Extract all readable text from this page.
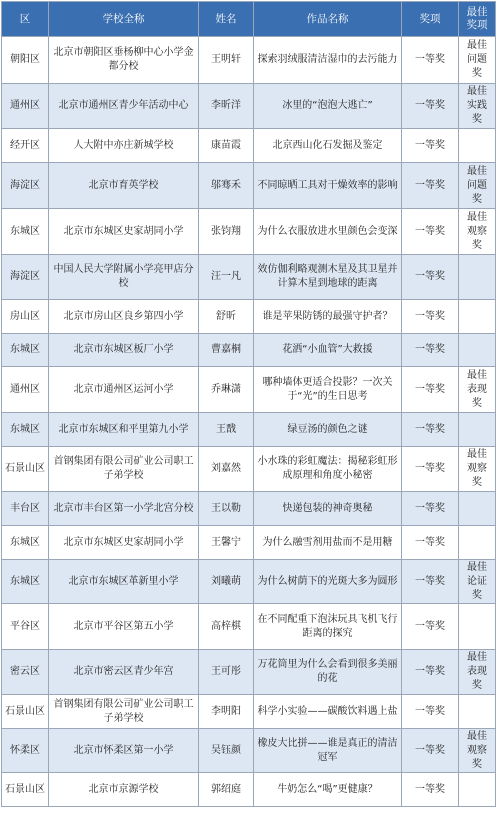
区	学校全称	姓名	作品名称	奖项	最佳奖项
朝阳区	北京市朝阳区垂杨柳中心小学金都分校	王明轩	探索羽绒服清洁湿巾的去污能力	一等奖	最佳问题奖
通州区	北京市通州区青少年活动中心	李昕洋	冰里的“泡泡大逃亡”	一等奖	最佳实践奖
经开区	人大附中亦庄新城学校	康苗霞	北京西山化石发掘及鉴定	一等奖	
海淀区	北京市育英学校	邬骞禾	不同晾晒工具对干燥效率的影响	一等奖	最佳问题奖
东城区	北京市东城区史家胡同小学	张钧翔	为什么衣服放进水里颜色会变深	一等奖	最佳观察奖
海淀区	中国人民大学附属小学亮甲店分校	汪一凡	效仿伽利略观测木星及其卫星并计算木星到地球的距离	一等奖	
房山区	北京市房山区良乡第四小学	舒昕	谁是苹果防锈的最强守护者？	一等奖	
东城区	北京市东城区板厂小学	曹嘉桐	花洒“小血管”大救援	一等奖	
通州区	北京市通州区运河小学	乔琳潇	哪种墙体更适合投影？一次关于“光”的生日思考	一等奖	最佳表现奖
东城区	北京市东城区和平里第九小学	王戬	绿豆汤的颜色之谜	一等奖	
石景山区	首钢集团有限公司矿业公司职工子弟学校	刘嘉然	小水珠的彩虹魔法：揭秘彩虹形成原理和角度小秘密	一等奖	最佳观察奖
丰台区	北京市丰台区第一小学北宫分校	王以勒	快递包装的神奇奥秘	一等奖	
东城区	北京市东城区史家胡同小学	王馨宁	为什么融雪剂用盐而不是用糖	一等奖	
东城区	北京市东城区革新里小学	刘曦萌	为什么树荫下的光斑大多为圆形	一等奖	最佳论证奖
平谷区	北京市平谷区第五小学	高梓棋	在不同配重下泡沫玩具飞机飞行距离的探究	一等奖	
密云区	北京市密云区青少年宫	王可彤	万花筒里为什么会看到很多美丽的花	一等奖	最佳表现奖
石景山区	首钢集团有限公司矿业公司职工子弟学校	李明阳	科学小实验——碳酸饮料遇上盐	一等奖	
怀柔区	北京市怀柔区第一小学	吴钰颜	橡皮大比拼——谁是真正的清洁冠军	一等奖	最佳观察奖
石景山区	北京市京源学校	郭绍庭	牛奶怎么“喝”更健康？	一等奖	
